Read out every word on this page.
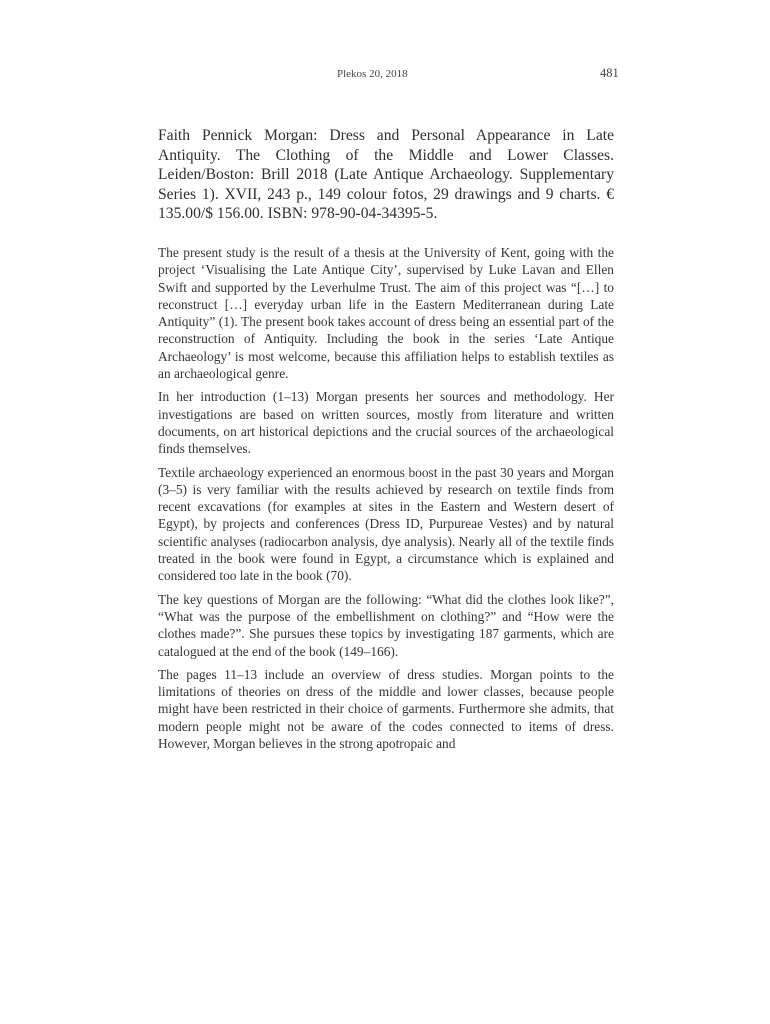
Plekos 20, 2018	481

Faith Pennick Morgan: Dress and Personal Appearance in Late Antiquity. The Clothing of the Middle and Lower Classes. Leiden/Boston: Brill 2018 (Late Antique Archaeology. Supplementary Series 1). XVII, 243 p., 149 colour fotos, 29 drawings and 9 charts. € 135.00/$ 156.00. ISBN: 978-90-04-34395-5.

The present study is the result of a thesis at the University of Kent, going with the project ‘Visualising the Late Antique City’, supervised by Luke Lavan and Ellen Swift and supported by the Leverhulme Trust. The aim of this project was “[…] to reconstruct […] everyday urban life in the Eastern Mediterranean during Late Antiquity” (1). The present book takes account of dress being an essential part of the reconstruction of Antiquity. Including the book in the series ‘Late Antique Archaeology’ is most welcome, because this affiliation helps to establish textiles as an archaeological genre.

In her introduction (1–13) Morgan presents her sources and methodology. Her investigations are based on written sources, mostly from literature and written documents, on art historical depictions and the crucial sources of the archaeological finds themselves.

Textile archaeology experienced an enormous boost in the past 30 years and Morgan (3–5) is very familiar with the results achieved by research on textile finds from recent excavations (for examples at sites in the Eastern and Western desert of Egypt), by projects and conferences (Dress ID, Purpureae Vestes) and by natural scientific analyses (radiocarbon analysis, dye analysis). Nearly all of the textile finds treated in the book were found in Egypt, a circumstance which is explained and considered too late in the book (70).

The key questions of Morgan are the following: “What did the clothes look like?”, “What was the purpose of the embellishment on clothing?” and “How were the clothes made?”. She pursues these topics by investigating 187 garments, which are catalogued at the end of the book (149–166).

The pages 11–13 include an overview of dress studies. Morgan points to the limitations of theories on dress of the middle and lower classes, because people might have been restricted in their choice of garments. Furthermore she admits, that modern people might not be aware of the codes connected to items of dress. However, Morgan believes in the strong apotropaic and
